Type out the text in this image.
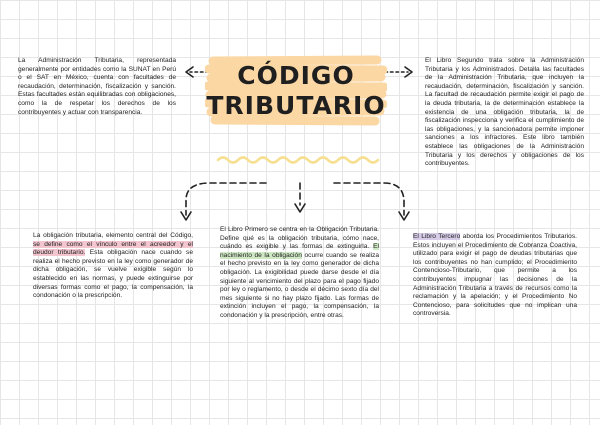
CÓDIGO
TRIBUTARIO
La Administración Tributaria, representada generalmente por entidades como la SUNAT en Perú o el SAT en México, cuenta con facultades de recaudación, determinación, fiscalización y sanción. Estas facultades están equilibradas con obligaciones, como la de respetar los derechos de los contribuyentes y actuar con transparencia.
El Libro Segundo trata sobre la Administración Tributaria y los Administrados. Detalla las facultades de la Administración Tributaria, que incluyen la recaudación, determinación, fiscalización y sanción. La facultad de recaudación permite exigir el pago de la deuda tributaria, la de determinación establece la existencia de una obligación tributaria, la de fiscalización inspecciona y verifica el cumplimiento de las obligaciones, y la sancionadora permite imponer sanciones a los infractores. Este libro también establece las obligaciones de la Administración Tributaria y los derechos y obligaciones de los contribuyentes.
La obligación tributaria, elemento central del Código, se define como el vínculo entre el acreedor y el deudor tributario. Esta obligación nace cuando se realiza el hecho previsto en la ley como generador de dicha obligación, se vuelve exigible según lo establecido en las normas, y puede extinguirse por diversas formas como el pago, la compensación, la condonación o la prescripción.
El Libro Primero se centra en la Obligación Tributaria. Define qué es la obligación tributaria, cómo nace, cuándo es exigible y las formas de extinguirla. El nacimiento de la obligación ocurre cuando se realiza el hecho previsto en la ley como generador de dicha obligación. La exigibilidad puede darse desde el día siguiente al vencimiento del plazo para el pago fijado por ley o reglamento, o desde el décimo sexto día del mes siguiente si no hay plazo fijado. Las formas de extinción incluyen el pago, la compensación, la condonación y la prescripción, entre otras.
El Libro Tercero aborda los Procedimientos Tributarios. Estos incluyen el Procedimiento de Cobranza Coactiva, utilizado para exigir el pago de deudas tributarias que los contribuyentes no han cumplido; el Procedimiento Contencioso-Tributario, que permite a los contribuyentes impugnar las decisiones de la Administración Tributaria a través de recursos como la reclamación y la apelación; y el Procedimiento No Contencioso, para solicitudes que no implican una controversia.
